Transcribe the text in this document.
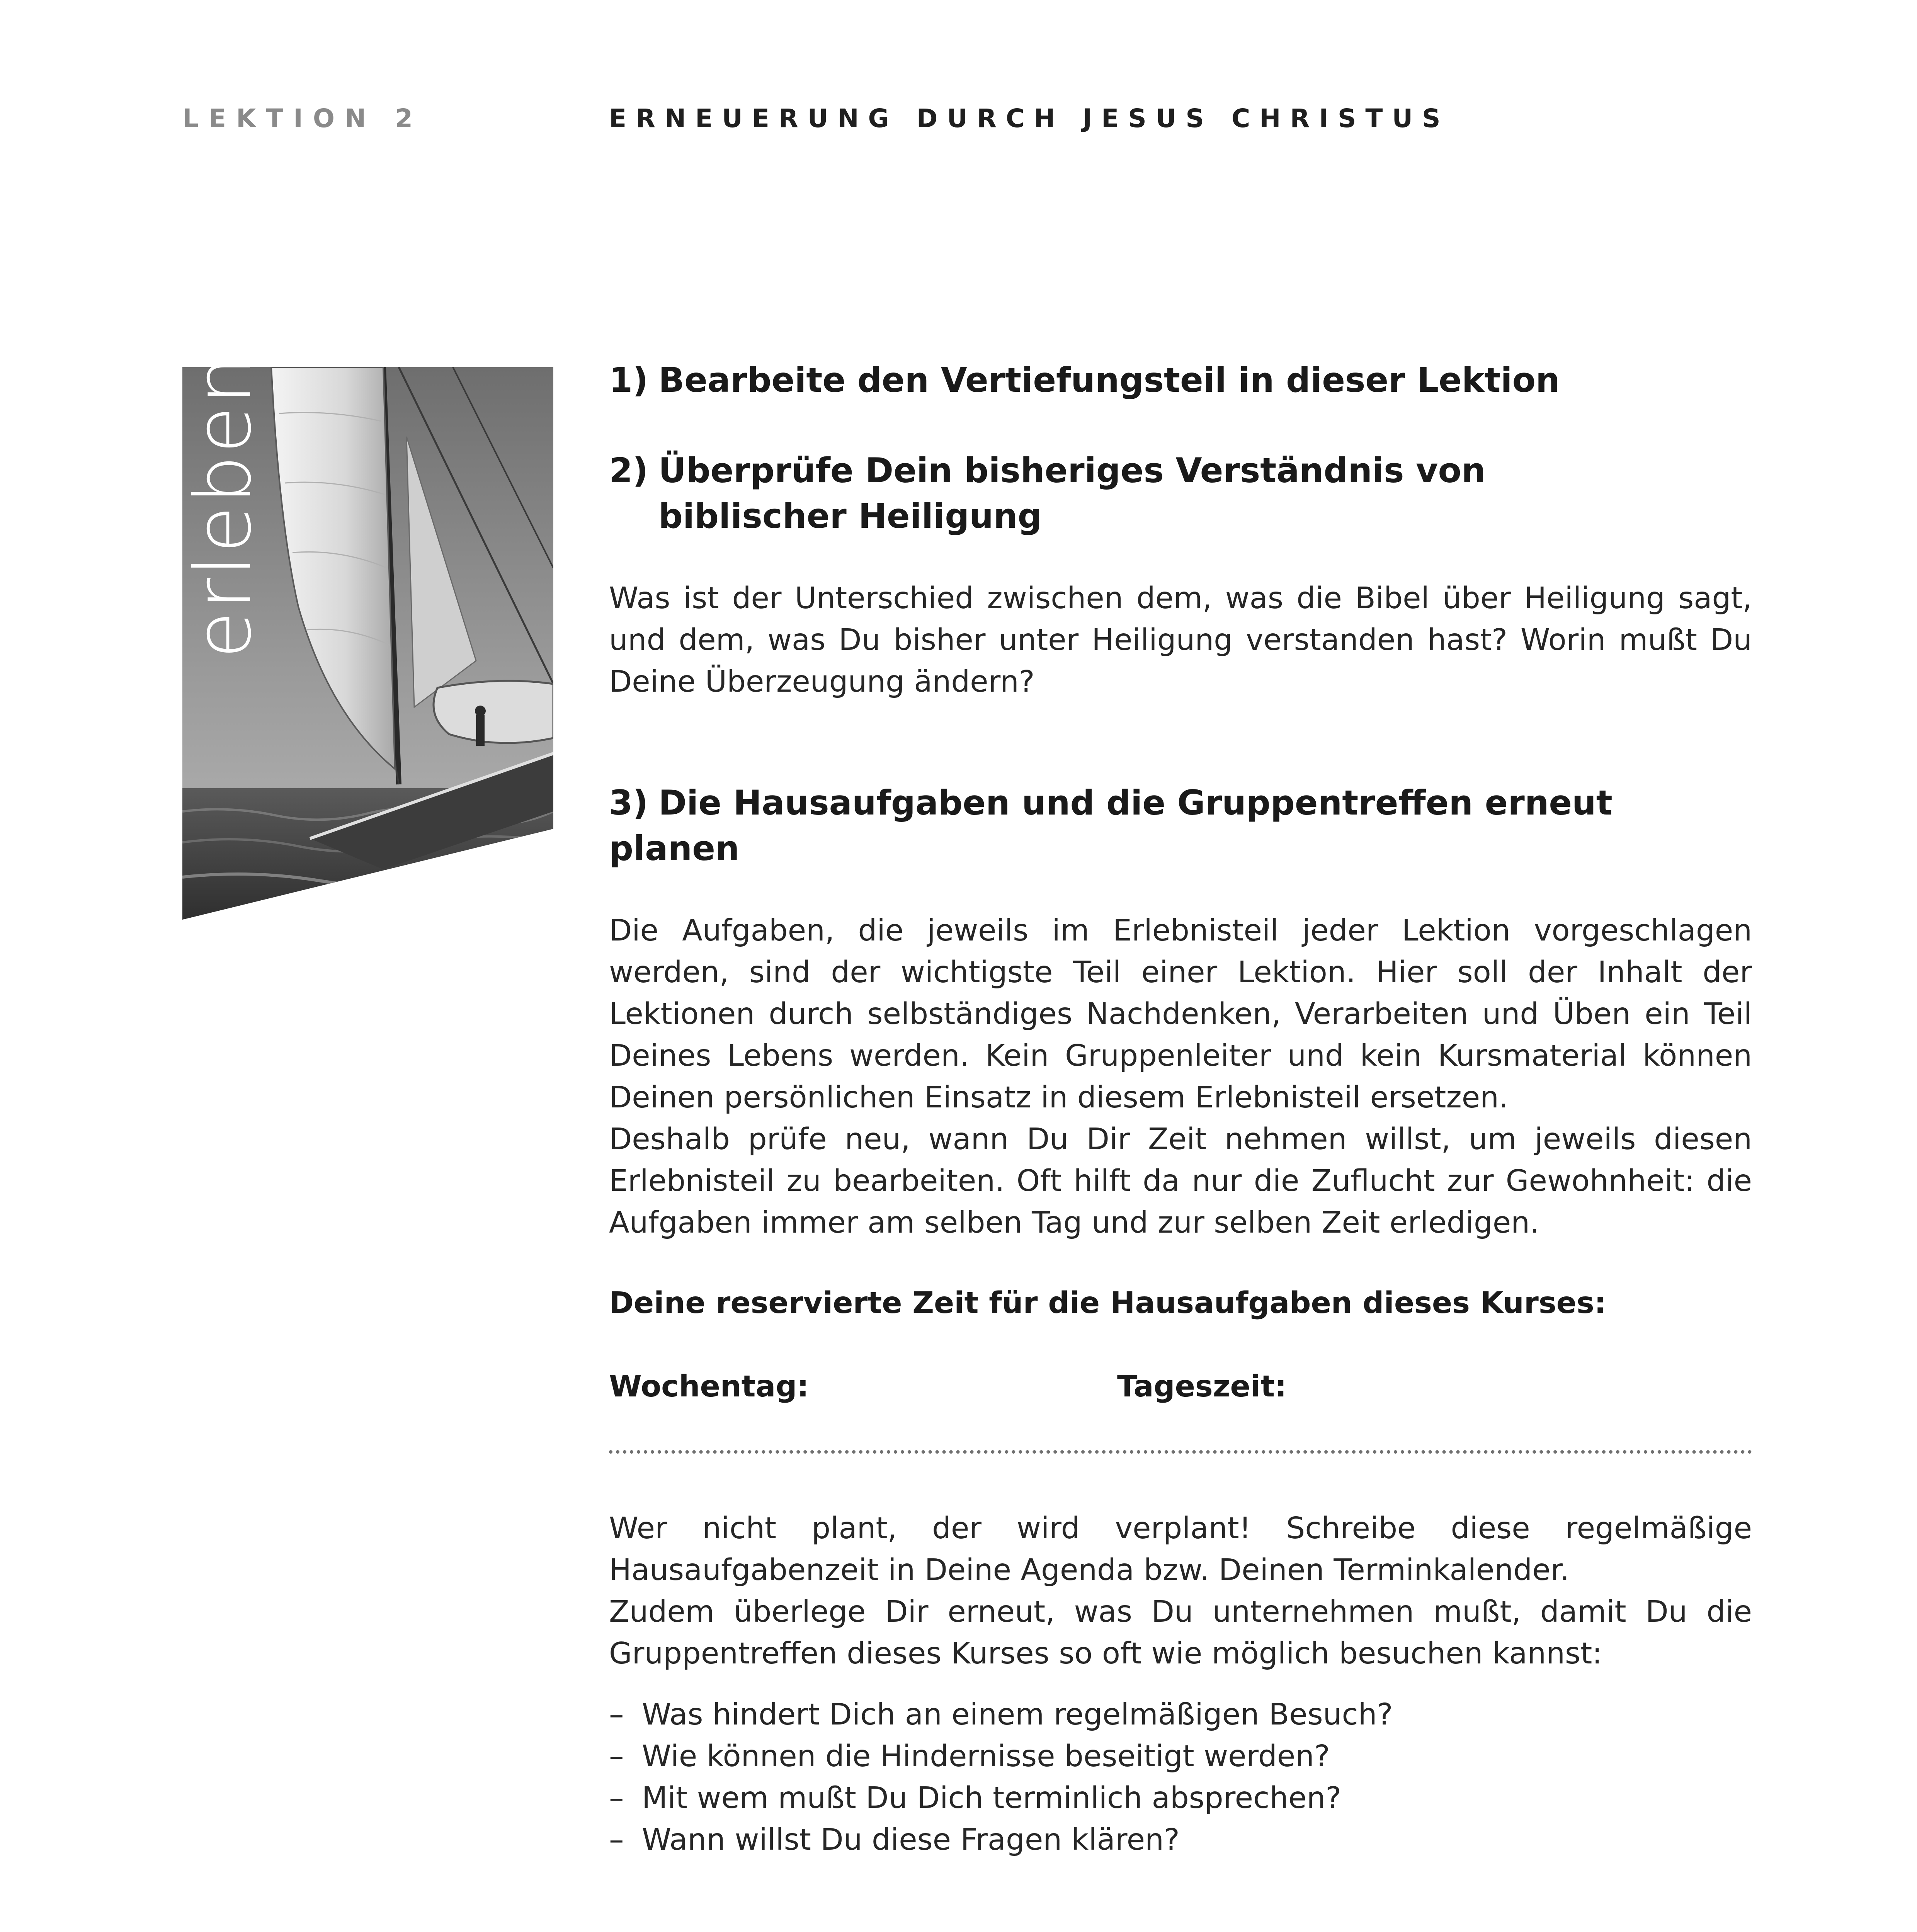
LEKTION 2	ERNEUERUNG DURCH JESUS CHRISTUS
erleben	1) Bearbeite den Vertiefungsteil in dieser Lektion
2) Überprüfe Dein bisheriges Verständnis von
biblischer Heiligung

Was ist der Unterschied zwischen dem, was die Bibel über Heiligung sagt, und dem, was Du bisher unter Heiligung verstanden hast? Worin mußt Du Deine Überzeugung ändern?

3) Die Hausaufgaben und die Gruppentreffen erneut planen

Die Aufgaben, die jeweils im Erlebnisteil jeder Lektion vorgeschlagen werden, sind der wichtigste Teil einer Lektion. Hier soll der Inhalt der Lektionen durch selbständiges Nachdenken, Verarbeiten und Üben ein Teil Deines Lebens werden. Kein Gruppenleiter und kein Kursmaterial können Deinen persönlichen Einsatz in diesem Erlebnisteil ersetzen.

Deshalb prüfe neu, wann Du Dir Zeit nehmen willst, um jeweils diesen Erlebnisteil zu bearbeiten. Oft hilft da nur die Zuflucht zur Gewohnheit: die Aufgaben immer am selben Tag und zur selben Zeit erledigen.

Deine reservierte Zeit für die Hausaufgaben dieses Kurses:

Wochentag:	Tageszeit:

Wer nicht plant, der wird verplant! Schreibe diese regelmäßige Hausaufgabenzeit in Deine Agenda bzw. Deinen Terminkalender.

Zudem überlege Dir erneut, was Du unternehmen mußt, damit Du die Gruppentreffen dieses Kurses so oft wie möglich besuchen kannst:

– Was hindert Dich an einem regelmäßigen Besuch?
– Wie können die Hindernisse beseitigt werden?
– Mit wem mußt Du Dich terminlich absprechen?
– Wann willst Du diese Fragen klären?
